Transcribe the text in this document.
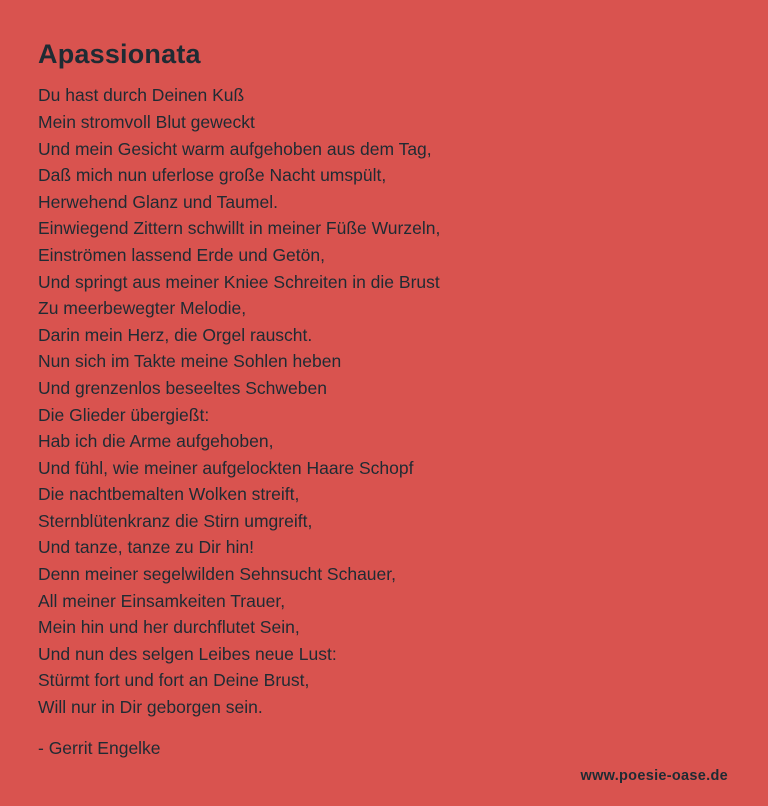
Apassionata
Du hast durch Deinen Kuß
Mein stromvoll Blut geweckt
Und mein Gesicht warm aufgehoben aus dem Tag,
Daß mich nun uferlose große Nacht umspült,
Herwehend Glanz und Taumel.
Einwiegend Zittern schwillt in meiner Füße Wurzeln,
Einströmen lassend Erde und Getön,
Und springt aus meiner Kniee Schreiten in die Brust
Zu meerbewegter Melodie,
Darin mein Herz, die Orgel rauscht.
Nun sich im Takte meine Sohlen heben
Und grenzenlos beseeltes Schweben
Die Glieder übergießt:
Hab ich die Arme aufgehoben,
Und fühl, wie meiner aufgelockten Haare Schopf
Die nachtbemalten Wolken streift,
Sternblütenkranz die Stirn umgreift,
Und tanze, tanze zu Dir hin!
Denn meiner segelwilden Sehnsucht Schauer,
All meiner Einsamkeiten Trauer,
Mein hin und her durchflutet Sein,
Und nun des selgen Leibes neue Lust:
Stürmt fort und fort an Deine Brust,
Will nur in Dir geborgen sein.
- Gerrit Engelke
www.poesie-oase.de
